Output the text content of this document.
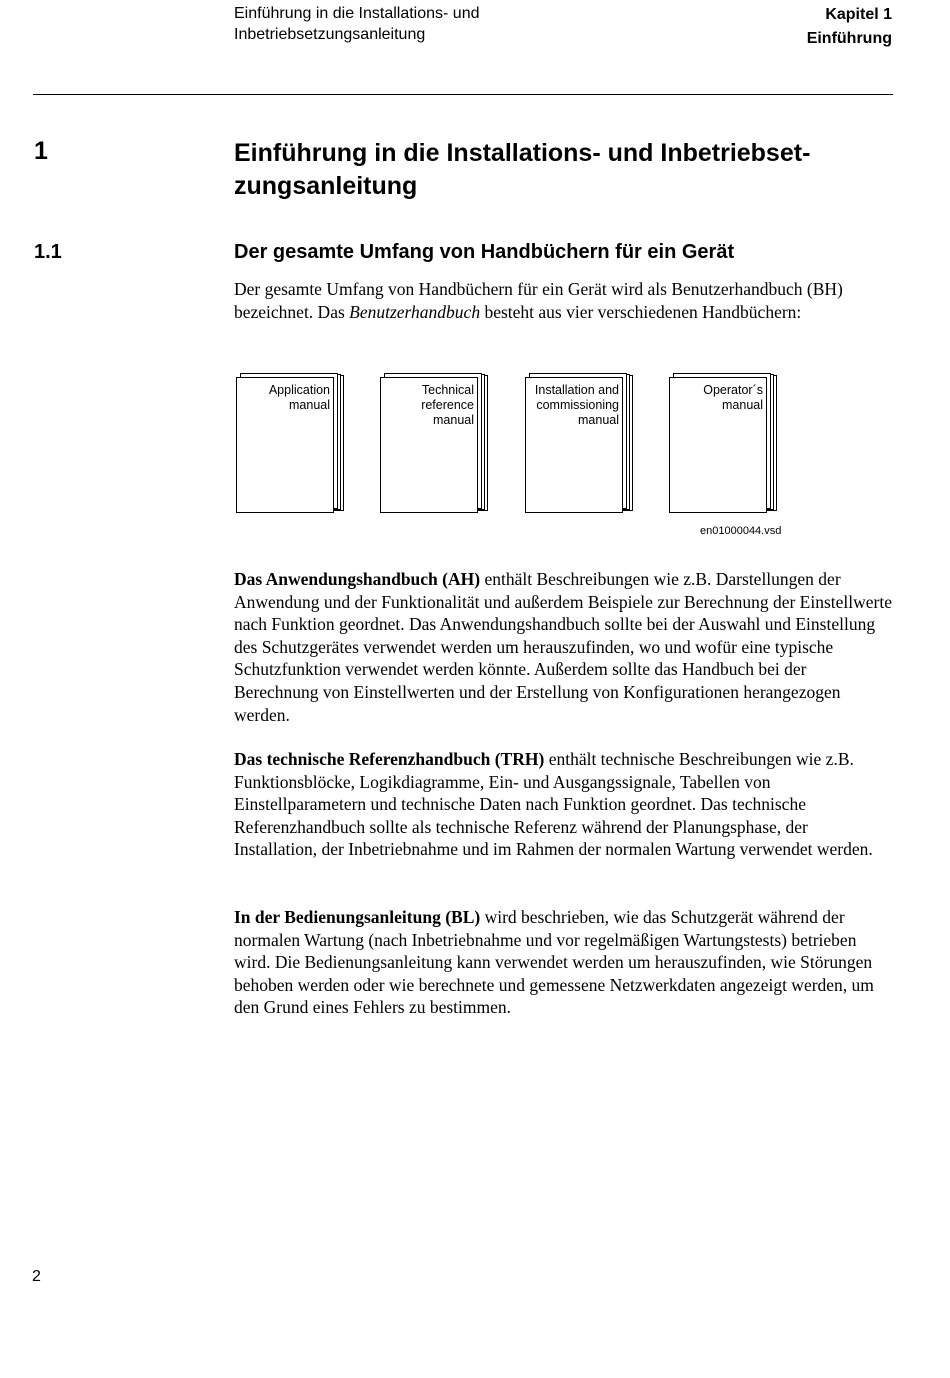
Einführung in die Installations- und
Inbetriebsetzungsanleitung
Kapitel 1
Einführung
1	Einführung in die Installations- und Inbetriebset-
zungsanleitung
1.1	Der gesamte Umfang von Handbüchern für ein Gerät

Der gesamte Umfang von Handbüchern für ein Gerät wird als Benutzerhandbuch (BH) bezeichnet. Das Benutzerhandbuch besteht aus vier verschiedenen Handbüchern:

Application
manual
Technical
reference
manual
Installation and
commissioning
manual
Operator´s
manual
en01000044.vsd

Das Anwendungshandbuch (AH) enthält Beschreibungen wie z.B. Darstellungen der Anwendung und der Funktionalität und außerdem Beispiele zur Berechnung der Einstellwerte nach Funktion geordnet. Das Anwendungshandbuch sollte bei der Auswahl und Einstellung des Schutzgerätes verwendet werden um herauszufinden, wo und wofür eine typische Schutzfunktion verwendet werden könnte. Außerdem sollte das Handbuch bei der Berechnung von Einstellwerten und der Erstellung von Konfigurationen herangezogen werden.

Das technische Referenzhandbuch (TRH) enthält technische Beschreibungen wie z.B. Funktionsblöcke, Logikdiagramme, Ein- und Ausgangssignale, Tabellen von Einstellparametern und technische Daten nach Funktion geordnet. Das technische Referenzhandbuch sollte als technische Referenz während der Planungsphase, der Installation, der Inbetriebnahme und im Rahmen der normalen Wartung verwendet werden.

In der Bedienungsanleitung (BL) wird beschrieben, wie das Schutzgerät während der normalen Wartung (nach Inbetriebnahme und vor regelmäßigen Wartungstests) betrieben wird. Die Bedienungsanleitung kann verwendet werden um herauszufinden, wie Störungen behoben werden oder wie berechnete und gemessene Netzwerkdaten angezeigt werden, um den Grund eines Fehlers zu bestimmen.

2
